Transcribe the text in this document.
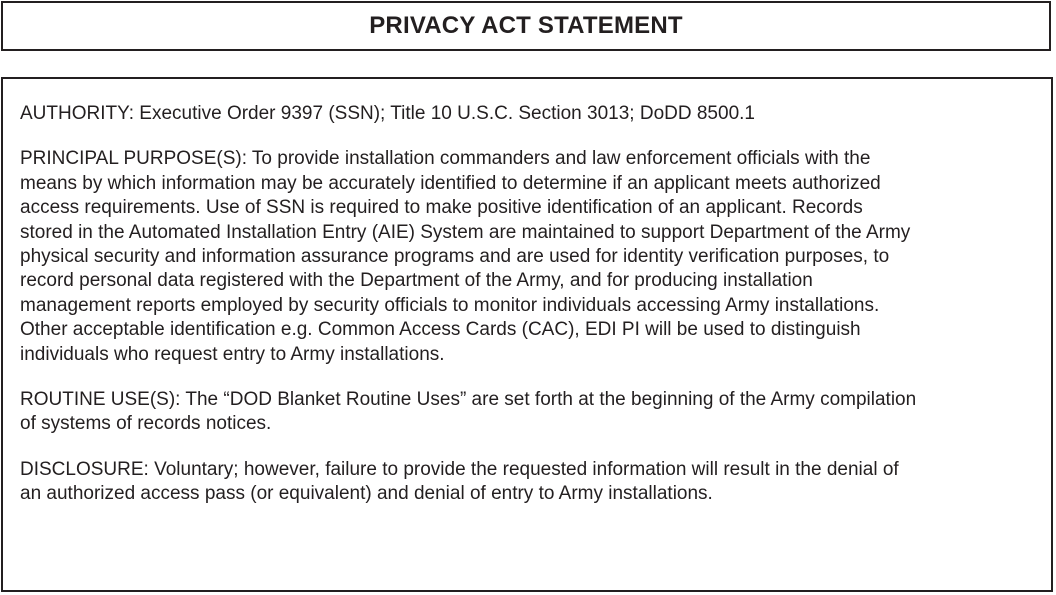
PRIVACY ACT STATEMENT

AUTHORITY: Executive Order 9397 (SSN); Title 10 U.S.C. Section 3013; DoDD 8500.1

PRINCIPAL PURPOSE(S): To provide installation commanders and law enforcement officials with the
means by which information may be accurately identified to determine if an applicant meets authorized
access requirements. Use of SSN is required to make positive identification of an applicant. Records
stored in the Automated Installation Entry (AIE) System are maintained to support Department of the Army
physical security and information assurance programs and are used for identity verification purposes, to
record personal data registered with the Department of the Army, and for producing installation
management reports employed by security officials to monitor individuals accessing Army installations.
Other acceptable identification e.g. Common Access Cards (CAC), EDI PI will be used to distinguish
individuals who request entry to Army installations.

ROUTINE USE(S): The “DOD Blanket Routine Uses” are set forth at the beginning of the Army compilation
of systems of records notices.

DISCLOSURE: Voluntary; however, failure to provide the requested information will result in the denial of
an authorized access pass (or equivalent) and denial of entry to Army installations.
